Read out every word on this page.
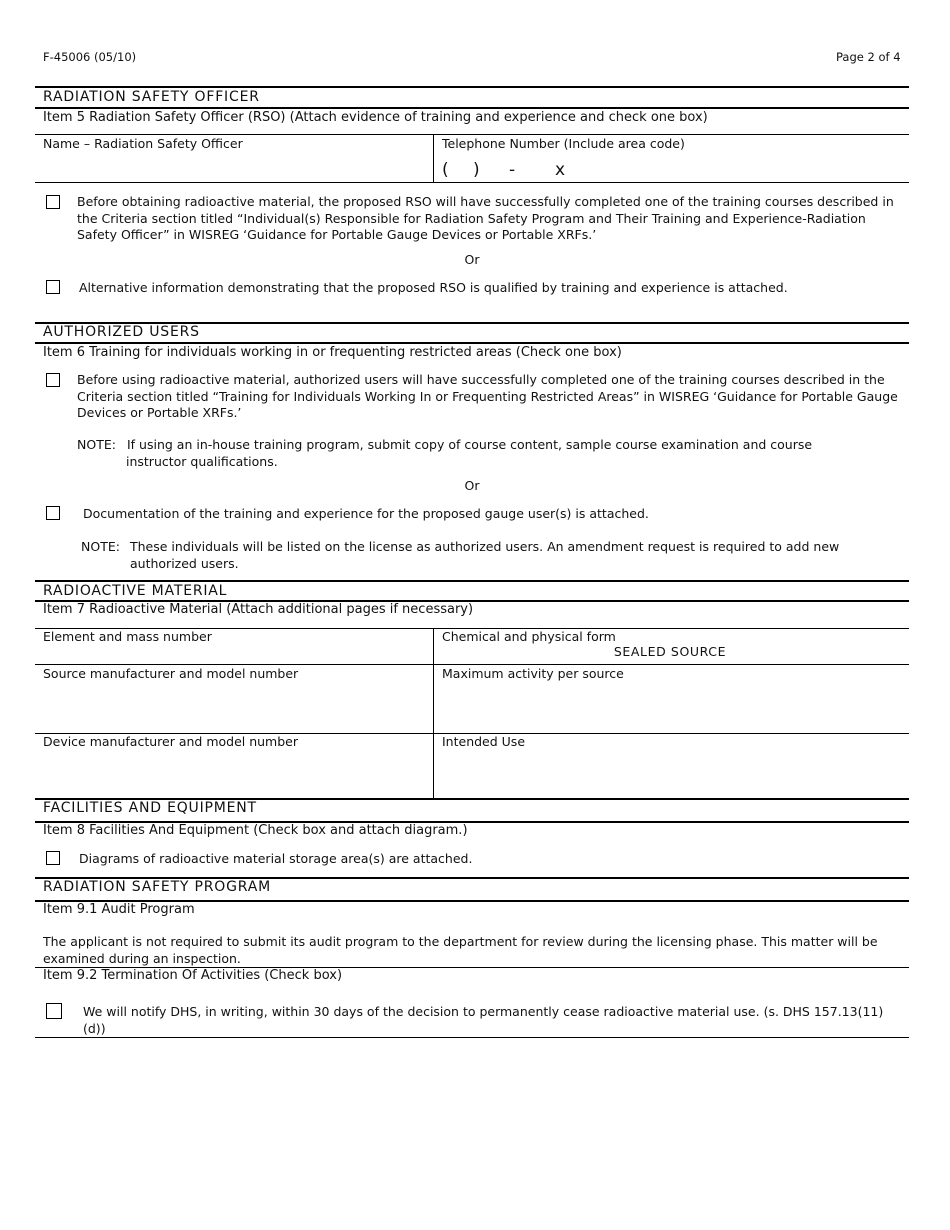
F-45006 (05/10)	Page 2 of 4
RADIATION SAFETY OFFICER
Item 5 Radiation Safety Officer (RSO) (Attach evidence of training and experience and check one box)
Name – Radiation Safety Officer	Telephone Number (Include area code)
( ) - x
Before obtaining radioactive material, the proposed RSO will have successfully completed one of the training courses described in the Criteria section titled “Individual(s) Responsible for Radiation Safety Program and Their Training and Experience-Radiation Safety Officer” in WISREG ‘Guidance for Portable Gauge Devices or Portable XRFs.’
Or
Alternative information demonstrating that the proposed RSO is qualified by training and experience is attached.
AUTHORIZED USERS
Item 6 Training for individuals working in or frequenting restricted areas (Check one box)
Before using radioactive material, authorized users will have successfully completed one of the training courses described in the Criteria section titled “Training for Individuals Working In or Frequenting Restricted Areas” in WISREG ‘Guidance for Portable Gauge Devices or Portable XRFs.’
NOTE: If using an in-house training program, submit copy of course content, sample course examination and course instructor qualifications.
Or
Documentation of the training and experience for the proposed gauge user(s) is attached.
NOTE: These individuals will be listed on the license as authorized users. An amendment request is required to add new authorized users.
RADIOACTIVE MATERIAL
Item 7 Radioactive Material (Attach additional pages if necessary)
Element and mass number	Chemical and physical form
SEALED SOURCE
Source manufacturer and model number	Maximum activity per source
Device manufacturer and model number	Intended Use
FACILITIES AND EQUIPMENT
Item 8 Facilities And Equipment (Check box and attach diagram.)
Diagrams of radioactive material storage area(s) are attached.
RADIATION SAFETY PROGRAM
Item 9.1 Audit Program
The applicant is not required to submit its audit program to the department for review during the licensing phase. This matter will be examined during an inspection.
Item 9.2 Termination Of Activities (Check box)
We will notify DHS, in writing, within 30 days of the decision to permanently cease radioactive material use. (s. DHS 157.13(11)(d))
